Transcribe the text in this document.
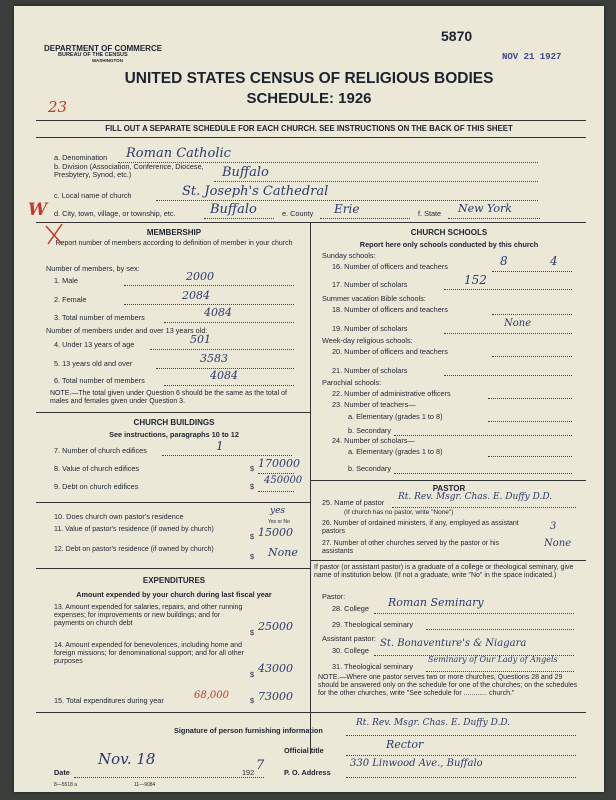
DEPARTMENT OF COMMERCE
BUREAU OF THE CENSUS
WASHINGTON
5870
NOV 21 1927
UNITED STATES CENSUS OF RELIGIOUS BODIES
SCHEDULE: 1926
23
FILL OUT A SEPARATE SCHEDULE FOR EACH CHURCH. SEE INSTRUCTIONS ON THE BACK OF THIS SHEET
a. Denomination Roman Catholic
b. Division (Association, Conference, Diocese, Presbytery, Synod, etc.)	Buffalo
c. Local name of church	St. Joseph's Cathedral
d. City, town, village, or township, etc.	Buffalo	e. County Erie	f. State New York
W
MEMBERSHIP
Report number of members according to definition of member in your church
Number of members, by sex:
1. Male	2000
2. Female	2084
3. Total number of members	4084
Number of members under and over 13 years old:
4. Under 13 years of age	501
5. 13 years old and over	3583
6. Total number of members	4084
NOTE.—The total given under Question 6 should be the same as the total of males and females given under Question 3.
CHURCH BUILDINGS
See instructions, paragraphs 10 to 12
7. Number of church edifices	1
8. Value of church edifices	$ 170000
9. Debt on church edifices	$
450000
10. Does church own pastor's residence
yes
Yes or No
11. Value of pastor's residence (if owned by church)
$ 15000
12. Debt on pastor's residence (if owned by church)
$ None
EXPENDITURES
Amount expended by your church during last fiscal year
13. Amount expended for salaries, repairs, and other running expenses; for improvements or new buildings; and for payments on church debt
$ 25000
14. Amount expended for benevolences, including home and foreign missions; for denominational support; and for all other purposes
$ 43000
15. Total expenditures during year	68,000	$ 73000
CHURCH SCHOOLS
Report here only schools conducted by this church
Sunday schools:
16. Number of officers and teachers	8	4
17. Number of scholars	152
Summer vacation Bible schools:
18. Number of officers and teachers
19. Number of scholars	None
Week-day religious schools:
20. Number of officers and teachers
21. Number of scholars
Parochial schools:
22. Number of administrative officers
23. Number of teachers—
a. Elementary (grades 1 to 8)
b. Secondary
24. Number of scholars—
a. Elementary (grades 1 to 8)
b. Secondary
PASTOR
25. Name of pastor
Rt. Rev. Msgr. Chas. E. Duffy D.D.
(If church has no pastor, write "None")
26. Number of ordained ministers, if any, employed as assistant pastors	3
27. Number of other churches served by the pastor or his assistants
None
If pastor (or assistant pastor) is a graduate of a college or theological seminary, give name of institution below. (If not a graduate, write "No" in the space indicated.)
Pastor:
28. College Roman Seminary
29. Theological seminary
Assistant pastor:
30. College
St. Bonaventure's & Niagara
31. Theological seminary
Seminary of Our Lady of Angels
NOTE.—Where one pastor serves two or more churches, Questions 28 and 29 should be answered only on the schedule for one of the churches; on the schedules for the other churches, write "See schedule for ............ church."
Signature of person furnishing information
Rt. Rev. Msgr. Chas. E. Duffy D.D.
Official title	Rector
Date
Nov. 18
192 7	P. O. Address
330 Linwood Ave., Buffalo
8—5518 a	11—9084
